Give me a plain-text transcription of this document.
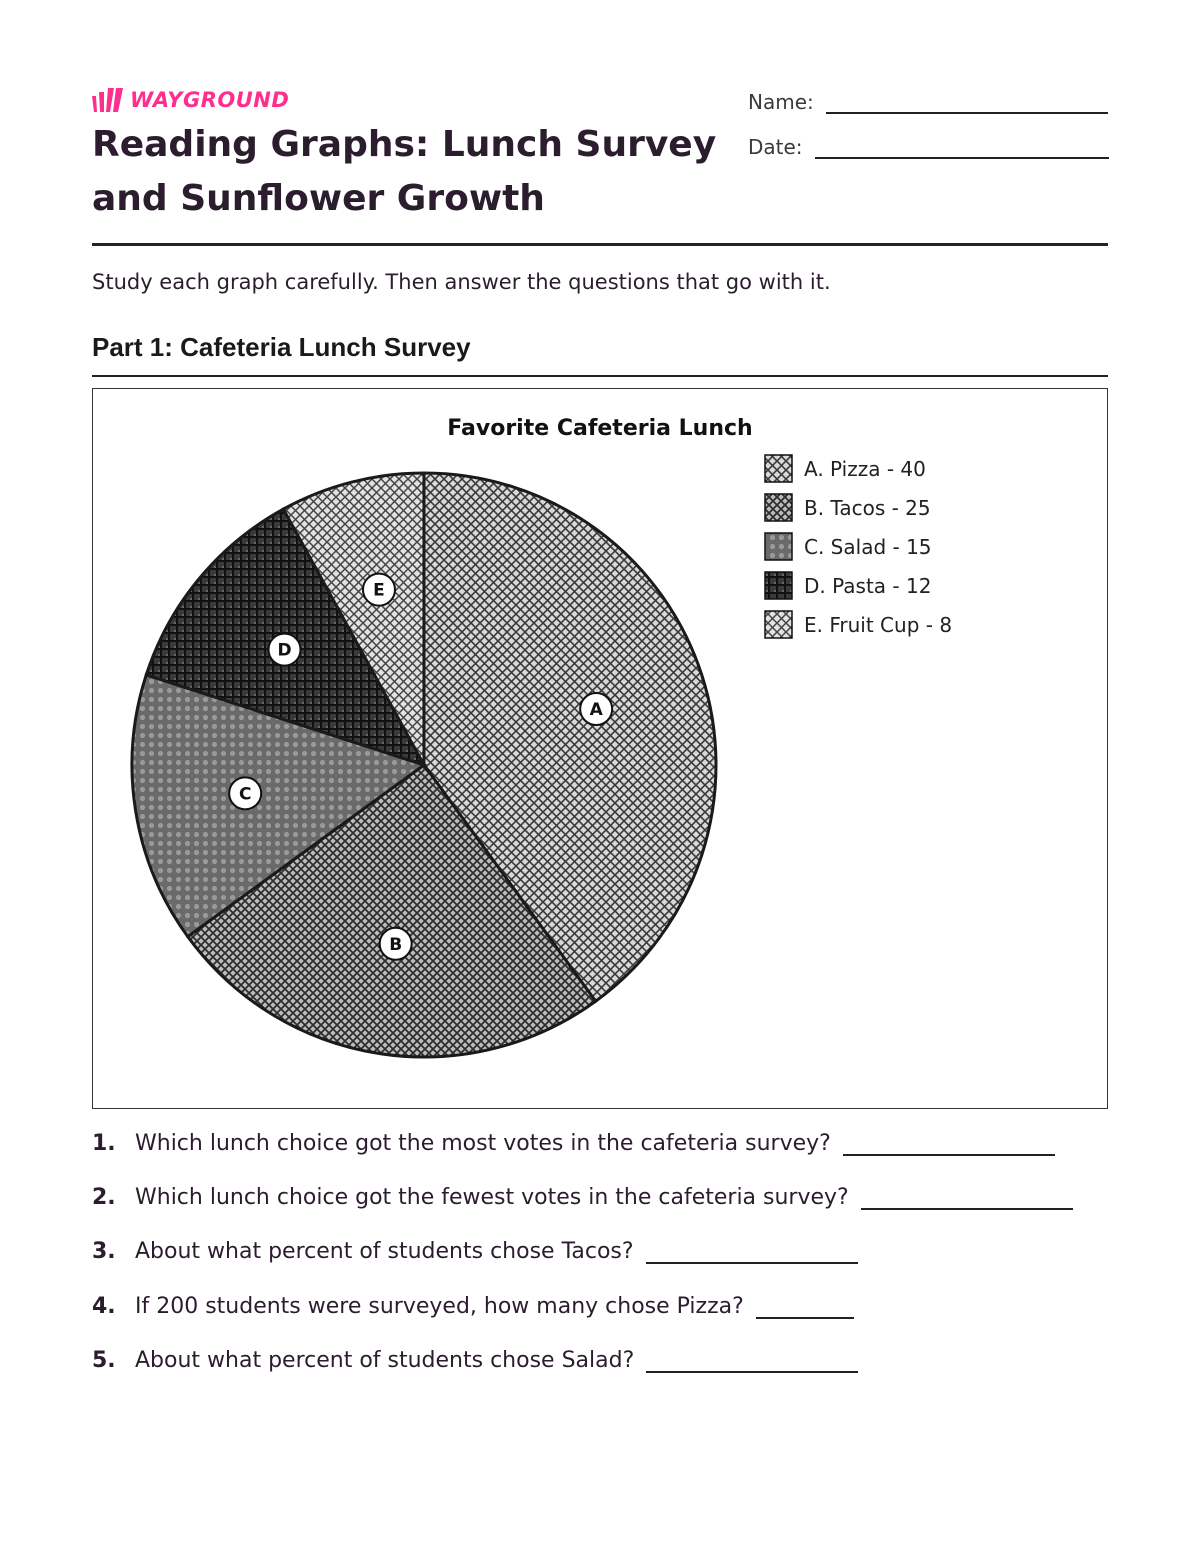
WAYGROUND
Reading Graphs: Lunch Survey and Sunflower Growth
Name:
Date:
Study each graph carefully. Then answer the questions that go with it.
Part 1: Cafeteria Lunch Survey
Favorite Cafeteria Lunch
A
B
C
D
E
A. Pizza - 40
B. Tacos - 25
C. Salad - 15
D. Pasta - 12
E. Fruit Cup - 8
1. Which lunch choice got the most votes in the cafeteria survey?
2. Which lunch choice got the fewest votes in the cafeteria survey?
3. About what percent of students chose Tacos?
4. If 200 students were surveyed, how many chose Pizza?
5. About what percent of students chose Salad?
